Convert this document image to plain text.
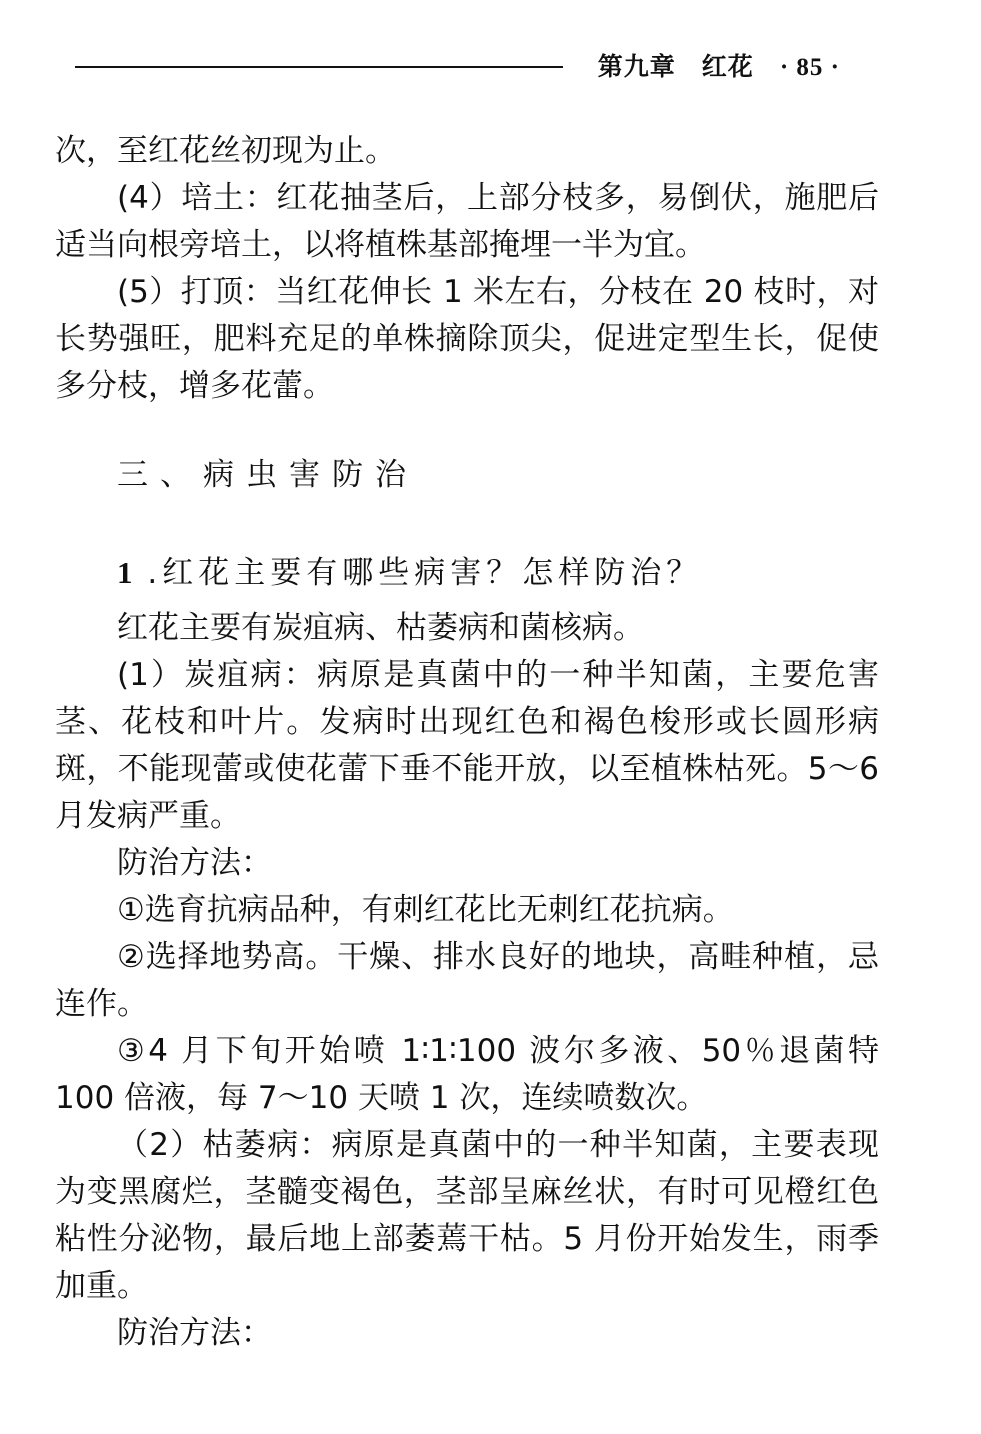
第九章 红花 · 85 ·

次，至红花丝初现为止。

(4）培土：红花抽茎后，上部分枝多，易倒伏，施肥后适当向根旁培土，以将植株基部掩埋一半为宜。

(5）打顶：当红花伸长 1 米左右，分枝在 20 枝时，对长势强旺，肥料充足的单株摘除顶尖，促进定型生长，促使多分枝，增多花蕾。

三、病虫害防治

1 .红花主要有哪些病害？怎样防治？

红花主要有炭疽病、枯萎病和菌核病。

(1）炭疽病：病原是真菌中的一种半知菌，主要危害茎、花枝和叶片。发病时出现红色和褐色梭形或长圆形病斑，不能现蕾或使花蕾下垂不能开放，以至植株枯死。5～6 月发病严重。

防治方法：

①选育抗病品种，有刺红花比无刺红花抗病。

②选择地势高。干燥、排水良好的地块，高畦种植，忌连作。

③4 月下旬开始喷 1∶1∶100 波尔多液、50％退菌特 100 倍液，每 7～10 天喷 1 次，连续喷数次。

（2）枯萎病：病原是真菌中的一种半知菌，主要表现为变黑腐烂，茎髓变褐色，茎部呈麻丝状，有时可见橙红色粘性分泌物，最后地上部萎蔫干枯。5 月份开始发生，雨季加重。

防治方法：
